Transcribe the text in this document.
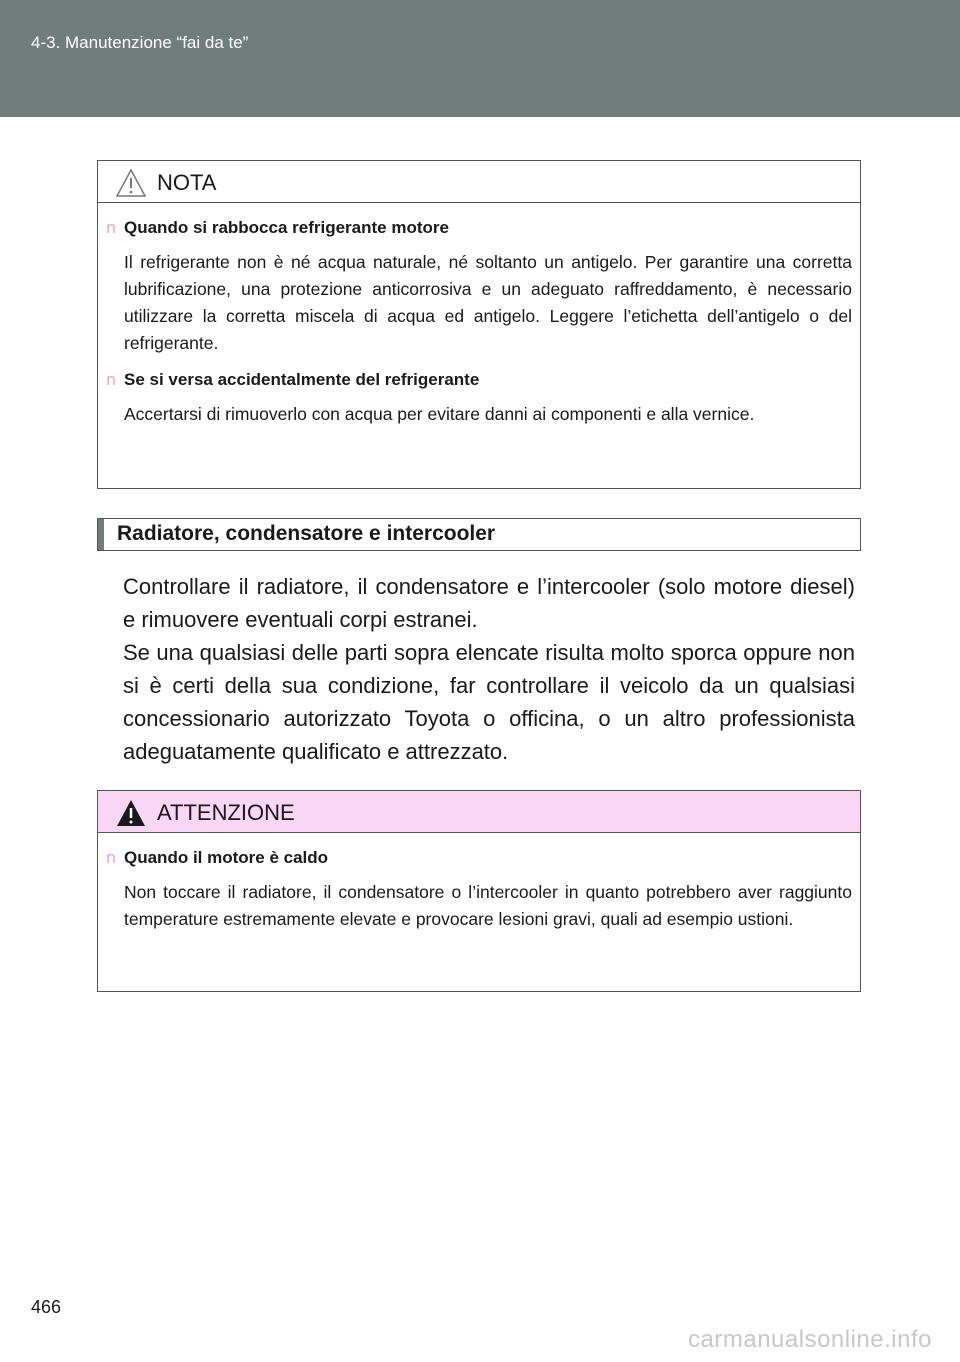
4-3. Manutenzione “fai da te”
NOTA
n Quando si rabbocca refrigerante motore

Il refrigerante non è né acqua naturale, né soltanto un antigelo. Per garantire una corretta lubrificazione, una protezione anticorrosiva e un adeguato raffreddamento, è necessario utilizzare la corretta miscela di acqua ed antigelo. Leggere l’etichetta dell’antigelo o del refrigerante.

n Se si versa accidentalmente del refrigerante

Accertarsi di rimuoverlo con acqua per evitare danni ai componenti e alla vernice.

Radiatore, condensatore e intercooler

Controllare il radiatore, il condensatore e l’intercooler (solo motore diesel) e rimuovere eventuali corpi estranei.

Se una qualsiasi delle parti sopra elencate risulta molto sporca oppure non si è certi della sua condizione, far controllare il veicolo da un qualsiasi concessionario autorizzato Toyota o officina, o un altro professionista adeguatamente qualificato e attrezzato.

ATTENZIONE
n Quando il motore è caldo

Non toccare il radiatore, il condensatore o l’intercooler in quanto potrebbero aver raggiunto temperature estremamente elevate e provocare lesioni gravi, quali ad esempio ustioni.

466
carmanualsonline.info
